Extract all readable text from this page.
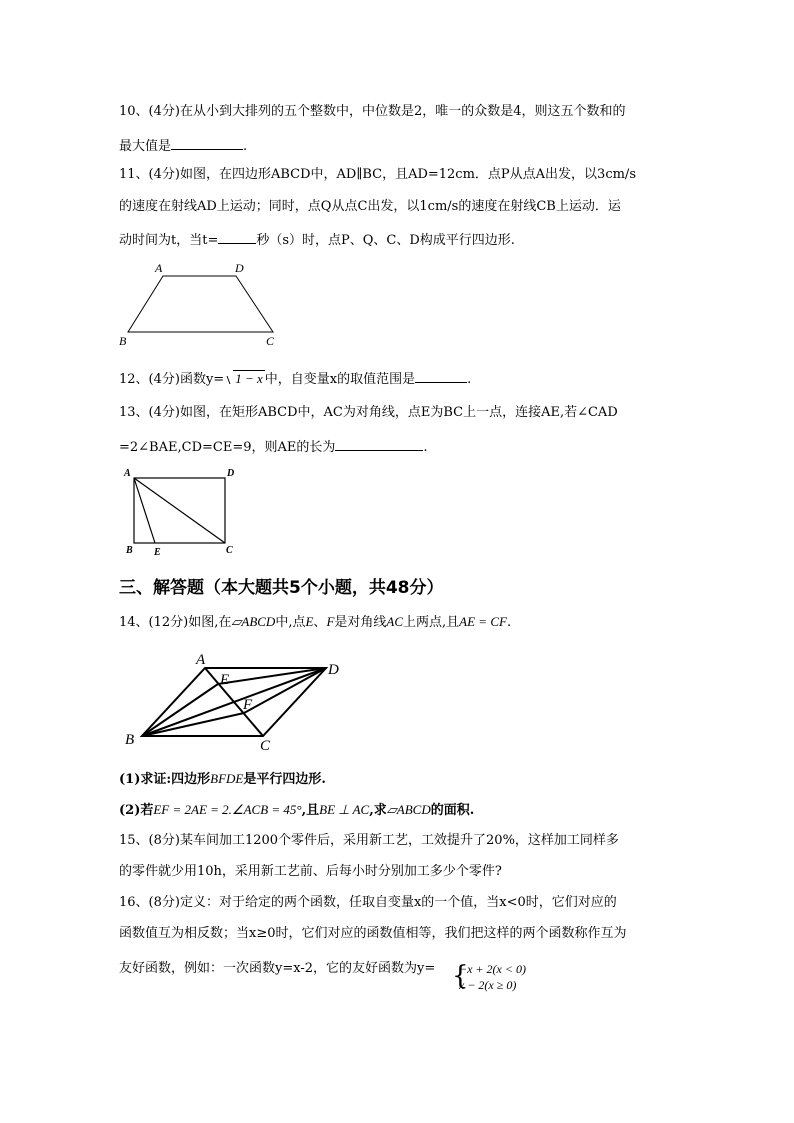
10、(4分)在从小到大排列的五个整数中，中位数是2，唯一的众数是4，则这五个数和的
最大值是	.
11、(4分)如图，在四边形ABCD中，AD∥BC，且AD=12cm．点P从点A出发，以3cm/s
的速度在射线AD上运动；同时，点Q从点C出发，以1cm/s的速度在射线CB上运动．运
动时间为t，当t=	秒（s）时，点P、Q、C、D构成平行四边形.
A	D
B	C
12、(4分)函数y= 1 − x 中，自变量x的取值范围是	.
13、(4分)如图，在矩形ABCD中，AC为对角线，点E为BC上一点，连接AE,若∠CAD
=2∠BAE,CD=CE=9，则AE的长为	.
A	D
B E	C
三、解答题（本大题共5个小题，共48分）
14、(12分)如图,在▱ABCD中,点E、F是对角线AC上两点,且AE = CF.
A
D
B	C
E
F
(1)求证:四边形BFDE是平行四边形.
(2)若EF = 2AE = 2.∠ACB = 45°,且BE ⊥ AC,求▱ABCD的面积.
15、(8分)某车间加工1200个零件后，采用新工艺，工效提升了20%，这样加工同样多
的零件就少用10h，采用新工艺前、后每小时分别加工多少个零件?
16、(8分)定义：对于给定的两个函数，任取自变量x的一个值，当x<0时，它们对应的
函数值互为相反数；当x≥0时，它们对应的函数值相等，我们把这样的两个函数称作互为
友好函数，例如：一次函数y=x-2，它的友好函数为y= {
−x + 2(x < 0)
x − 2(x ≥ 0)
